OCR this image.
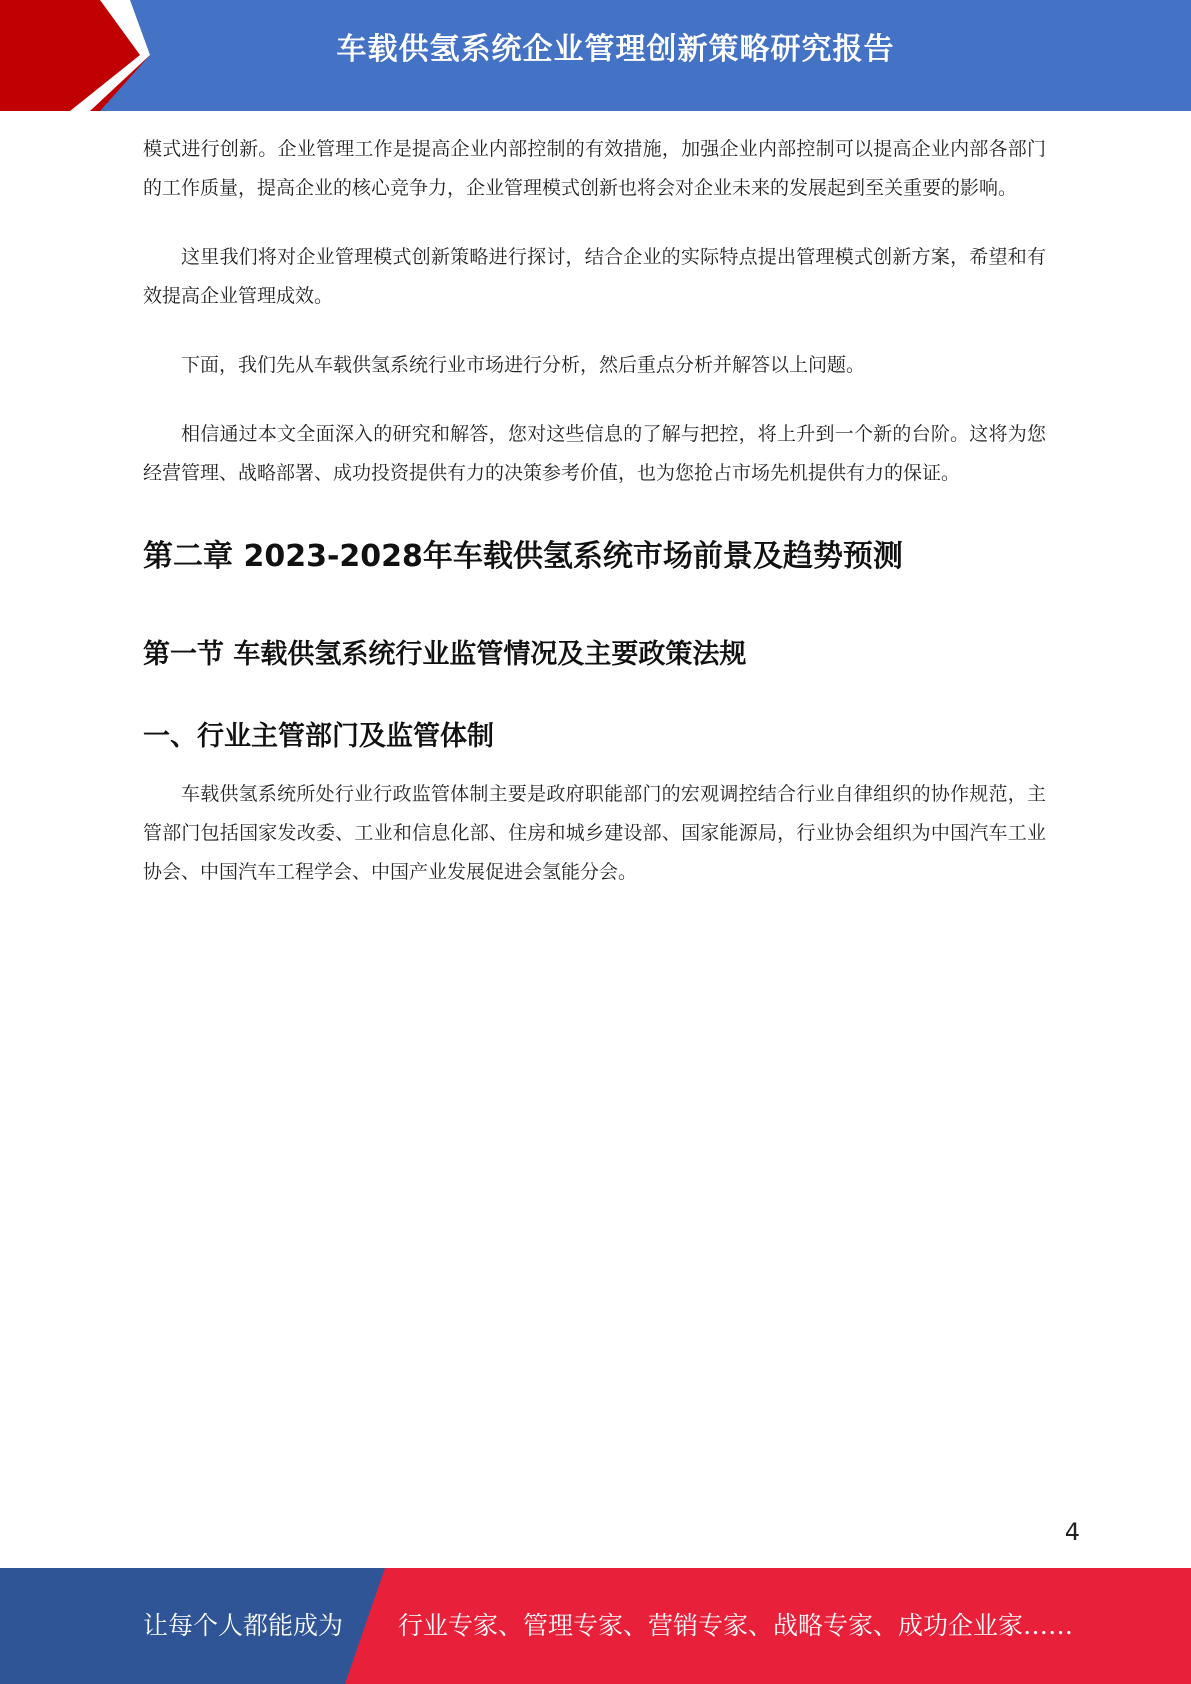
车载供氢系统企业管理创新策略研究报告

模式进行创新。企业管理工作是提高企业内部控制的有效措施，加强企业内部控制可以提高企业内部各部门的工作质量，提高企业的核心竞争力，企业管理模式创新也将会对企业未来的发展起到至关重要的影响。

这里我们将对企业管理模式创新策略进行探讨，结合企业的实际特点提出管理模式创新方案，希望和有效提高企业管理成效。

下面，我们先从车载供氢系统行业市场进行分析，然后重点分析并解答以上问题。

相信通过本文全面深入的研究和解答，您对这些信息的了解与把控，将上升到一个新的台阶。这将为您经营管理、战略部署、成功投资提供有力的决策参考价值，也为您抢占市场先机提供有力的保证。

第二章 2023-2028年车载供氢系统市场前景及趋势预测
第一节 车载供氢系统行业监管情况及主要政策法规
一、行业主管部门及监管体制

车载供氢系统所处行业行政监管体制主要是政府职能部门的宏观调控结合行业自律组织的协作规范，主管部门包括国家发改委、工业和信息化部、住房和城乡建设部、国家能源局，行业协会组织为中国汽车工业协会、中国汽车工程学会、中国产业发展促进会氢能分会。

4
让每个人都能成为 行业专家、管理专家、营销专家、战略专家、成功企业家……
